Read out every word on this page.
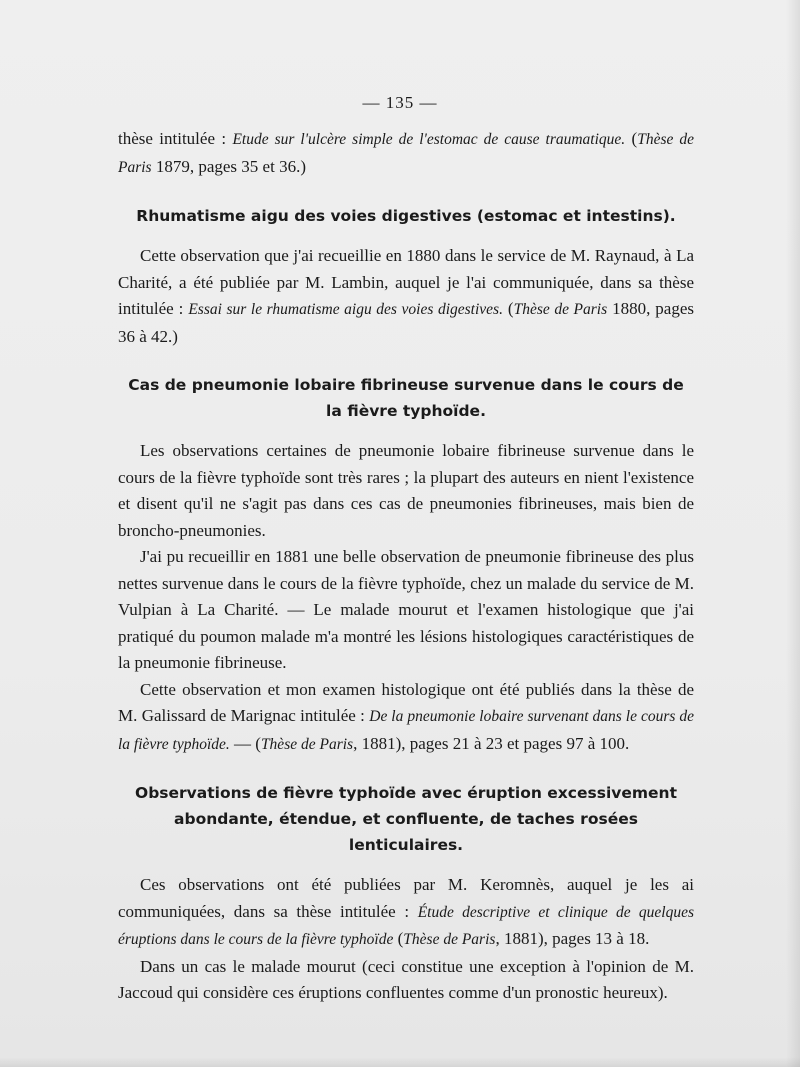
— 135 —

thèse intitulée : Etude sur l'ulcère simple de l'estomac de cause traumatique. (Thèse de Paris 1879, pages 35 et 36.)

Rhumatisme aigu des voies digestives (estomac et intestins).

Cette observation que j'ai recueillie en 1880 dans le service de M. Raynaud, à La Charité, a été publiée par M. Lambin, auquel je l'ai communiquée, dans sa thèse intitulée : Essai sur le rhumatisme aigu des voies digestives. (Thèse de Paris 1880, pages 36 à 42.)

Cas de pneumonie lobaire fibrineuse survenue dans le cours de la fièvre typhoïde.

Les observations certaines de pneumonie lobaire fibrineuse survenue dans le cours de la fièvre typhoïde sont très rares ; la plupart des auteurs en nient l'existence et disent qu'il ne s'agit pas dans ces cas de pneumonies fibrineuses, mais bien de broncho-pneumonies.

J'ai pu recueillir en 1881 une belle observation de pneumonie fibrineuse des plus nettes survenue dans le cours de la fièvre typhoïde, chez un malade du service de M. Vulpian à La Charité. — Le malade mourut et l'examen histologique que j'ai pratiqué du poumon malade m'a montré les lésions histologiques caractéristiques de la pneumonie fibrineuse.

Cette observation et mon examen histologique ont été publiés dans la thèse de M. Galissard de Marignac intitulée : De la pneumonie lobaire survenant dans le cours de la fièvre typhoïde. — (Thèse de Paris, 1881), pages 21 à 23 et pages 97 à 100.

Observations de fièvre typhoïde avec éruption excessivement abondante, étendue, et confluente, de taches rosées lenticulaires.

Ces observations ont été publiées par M. Keromnès, auquel je les ai communiquées, dans sa thèse intitulée : Étude descriptive et clinique de quelques éruptions dans le cours de la fièvre typhoïde (Thèse de Paris, 1881), pages 13 à 18.

Dans un cas le malade mourut (ceci constitue une exception à l'opinion de M. Jaccoud qui considère ces éruptions confluentes comme d'un pronostic heureux).
